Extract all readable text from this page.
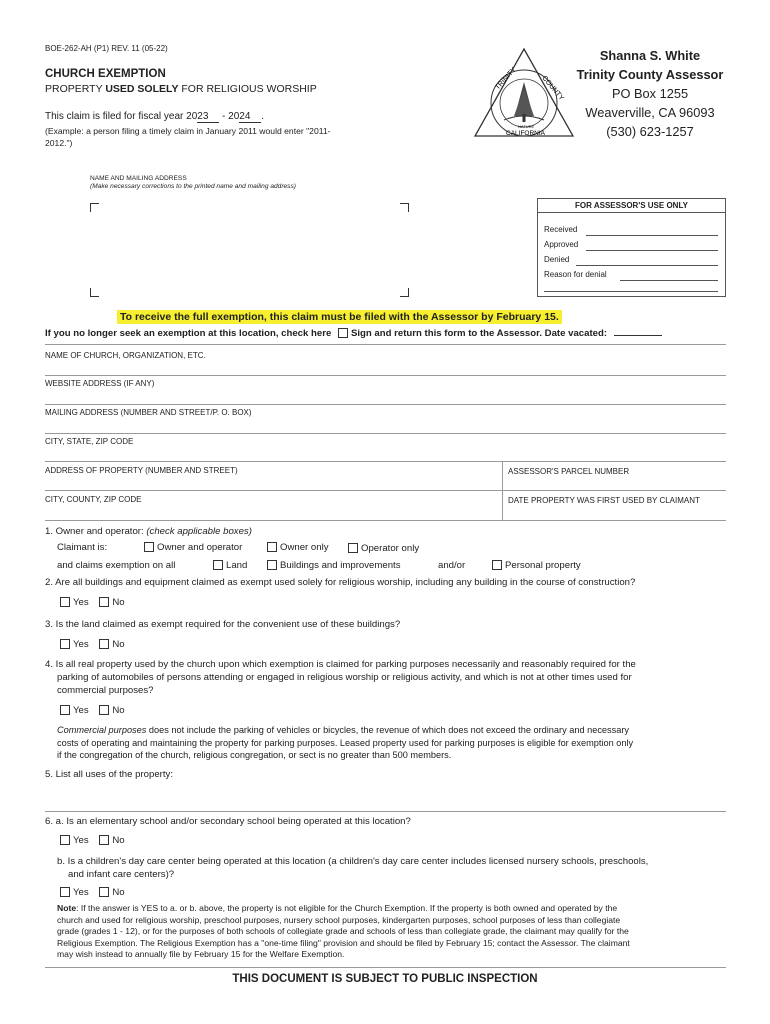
BOE-262-AH (P1) REV. 11 (05-22)
CHURCH EXEMPTION
PROPERTY USED SOLELY FOR RELIGIOUS WORSHIP
This claim is filed for fiscal year 2023 - 2024 .
(Example: a person filing a timely claim in January 2011 would enter "2011-2012.")
TRINITY	COUNTY
CALIFORNIA
NATURE
Shanna S. White
Trinity County Assessor
PO Box 1255
Weaverville, CA 96093
(530) 623-1257
NAME AND MAILING ADDRESS
(Make necessary corrections to the printed name and mailing address)
FOR ASSESSOR'S USE ONLY
Received
Approved
Denied
Reason for denial
To receive the full exemption, this claim must be filed with the Assessor by February 15.
If you no longer seek an exemption at this location, check here Sign and return this form to the Assessor. Date vacated:
NAME OF CHURCH, ORGANIZATION, ETC.
WEBSITE ADDRESS (IF ANY)
MAILING ADDRESS (NUMBER AND STREET/P. O. BOX)
CITY, STATE, ZIP CODE
ADDRESS OF PROPERTY (NUMBER AND STREET)	ASSESSOR'S PARCEL NUMBER
CITY, COUNTY, ZIP CODE	DATE PROPERTY WAS FIRST USED BY CLAIMANT
1. Owner and operator: (check applicable boxes)
Claimant is:	Owner and operator	Owner only	Operator only
and claims exemption on all	Land	Buildings and improvements	and/or	Personal property
2. Are all buildings and equipment claimed as exempt used solely for religious worship, including any building in the course of construction?
Yes No
3. Is the land claimed as exempt required for the convenient use of these buildings?
Yes No
4. Is all real property used by the church upon which exemption is claimed for parking purposes necessarily and reasonably required for the
parking of automobiles of persons attending or engaged in religious worship or religious activity, and which is not at other times used for
commercial purposes?
Yes No
Commercial purposes does not include the parking of vehicles or bicycles, the revenue of which does not exceed the ordinary and necessary
costs of operating and maintaining the property for parking purposes. Leased property used for parking purposes is eligible for exemption only
if the congregation of the church, religious congregation, or sect is no greater than 500 members.
5. List all uses of the property:
6. a. Is an elementary school and/or secondary school being operated at this location?
Yes No
b. Is a children's day care center being operated at this location (a children's day care center includes licensed nursery schools, preschools,
and infant care centers)?
Yes No
Note: If the answer is YES to a. or b. above, the property is not eligible for the Church Exemption. If the property is both owned and operated by the
church and used for religious worship, preschool purposes, nursery school purposes, kindergarten purposes, school purposes of less than collegiate
grade (grades 1 - 12), or for the purposes of both schools of collegiate grade and schools of less than collegiate grade, the claimant may qualify for the
Religious Exemption. The Religious Exemption has a "one-time filing" provision and should be filed by February 15; contact the Assessor. The claimant
may wish instead to annually file by February 15 for the Welfare Exemption.
THIS DOCUMENT IS SUBJECT TO PUBLIC INSPECTION
